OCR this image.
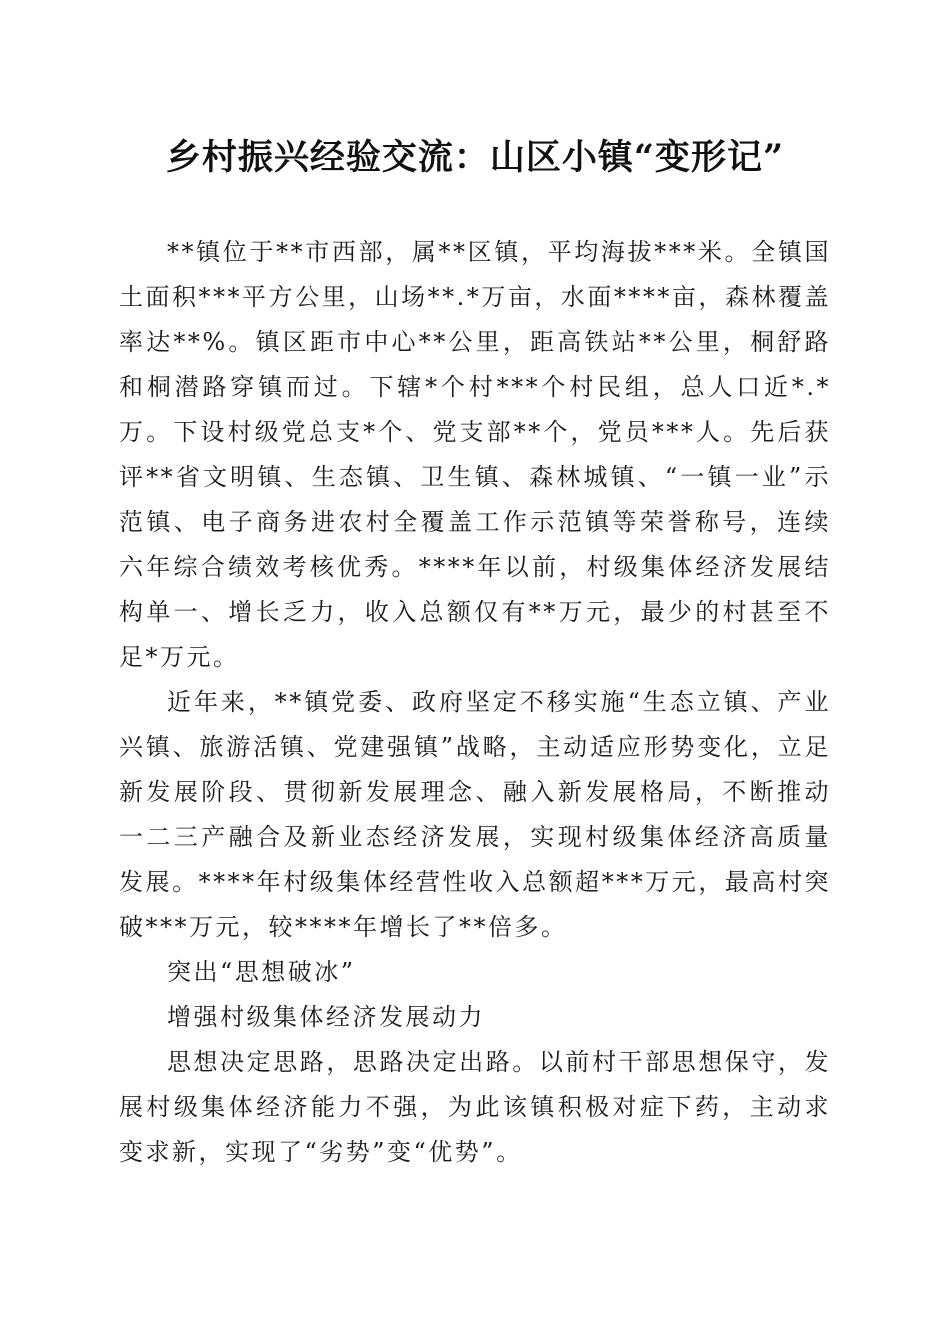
乡村振兴经验交流：山区小镇“变形记”

**镇位于**市西部，属**区镇，平均海拔***米。全镇国土面积***平方公里，山场**.*万亩，水面****亩，森林覆盖率达**%。镇区距市中心**公里，距高铁站**公里，桐舒路和桐潜路穿镇而过。下辖*个村***个村民组，总人口近*.*万。下设村级党总支*个、党支部**个，党员***人。先后获评**省文明镇、生态镇、卫生镇、森林城镇、“一镇一业”示范镇、电子商务进农村全覆盖工作示范镇等荣誉称号，连续六年综合绩效考核优秀。****年以前，村级集体经济发展结构单一、增长乏力，收入总额仅有**万元，最少的村甚至不足*万元。

近年来，**镇党委、政府坚定不移实施“生态立镇、产业兴镇、旅游活镇、党建强镇”战略，主动适应形势变化，立足新发展阶段、贯彻新发展理念、融入新发展格局，不断推动一二三产融合及新业态经济发展，实现村级集体经济高质量发展。****年村级集体经营性收入总额超***万元，最高村突破***万元，较****年增长了**倍多。

突出“思想破冰”

增强村级集体经济发展动力

思想决定思路，思路决定出路。以前村干部思想保守，发展村级集体经济能力不强，为此该镇积极对症下药，主动求变求新，实现了“劣势”变“优势”。
